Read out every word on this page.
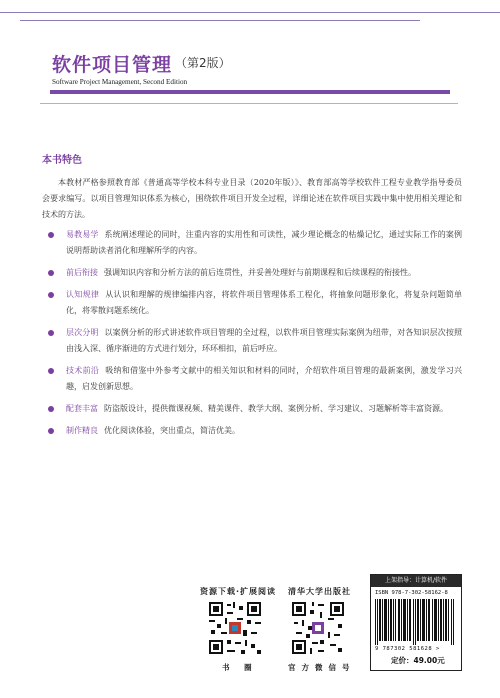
软件项目管理 （第2版）
Software Project Management, Second Edition
本书特色
本教材严格参照教育部《普通高等学校本科专业目录（2020年版）》、教育部高等学校软件工程专业教学指导委员会要求编写。以项目管理知识体系为核心，围绕软件项目开发全过程，详细论述在软件项目实践中集中使用相关理论和技术的方法。
易教易学 系统阐述理论的同时，注重内容的实用性和可读性，减少理论概念的枯燥记忆，通过实际工作的案例说明帮助读者消化和理解所学的内容。
前后衔接 强调知识内容和分析方法的前后连贯性，并妥善处理好与前期课程和后续课程的衔接性。
认知规律 从认识和理解的规律编排内容，将软件项目管理体系工程化，将抽象问题形象化，将复杂问题简单化，将零散问题系统化。
层次分明 以案例分析的形式讲述软件项目管理的全过程，以软件项目管理实际案例为纽带，对各知识层次按照由浅入深、循序渐进的方式进行划分，环环相扣，前后呼应。
技术前沿 吸纳和借鉴中外参考文献中的相关知识和材料的同时，介绍软件项目管理的最新案例，激发学习兴趣，启发创新思想。
配套丰富 防盗版设计，提供微课视频、精美课件、教学大纲、案例分析、学习建议、习题解析等丰富资源。
制作精良 优化阅读体验，突出重点，简洁优美。
资源下载·扩展阅读 清华大学出版社
书 圈	官方微信号
上架指导：计算机/软件
ISBN 978-7-302-58162-8
9 787302 581628 >
定价：49.00元
